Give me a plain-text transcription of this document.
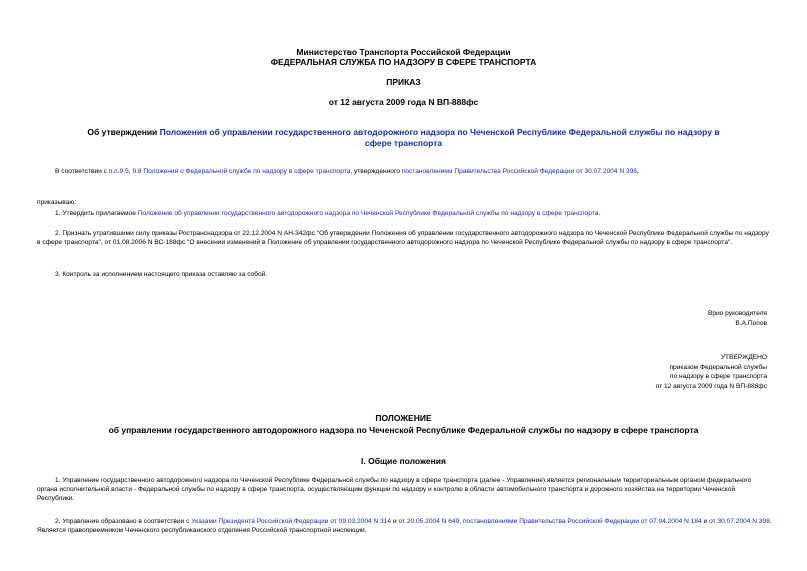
Министерство Транспорта Российской Федерации
ФЕДЕРАЛЬНАЯ СЛУЖБА ПО НАДЗОРУ В СФЕРЕ ТРАНСПОРТА
ПРИКАЗ
от 12 августа 2009 года N ВП-888фс
Об утверждении Положения об управлении государственного автодорожного надзора по Чеченской Республике Федеральной службы по надзору в сфере транспорта
В соответствии с п.п.9.5, 9.8 Положения о Федеральной службе по надзору в сфере транспорта, утвержденного постановлением Правительства Российской Федерации от 30.07.2004 N 398,
приказываю:
1. Утвердить прилагаемое Положение об управлении государственного автодорожного надзора по Чеченской Республике Федеральной службы по надзору в сфере транспорта.
2. Признать утратившими силу приказы Ространснадзора от 22.12.2004 N АН-342фс "Об утверждении Положения об управлении государственного автодорожного надзора по Чеченской Республике Федеральной службы по надзору в сфере транспорта", от 01.08.2006 N ВС-188фс "О внесении изменений в Положение об управлении государственного автодорожного надзора по Чеченской Республике Федеральной службы по надзору в сфере транспорта".
3. Контроль за исполнением настоящего приказа оставляю за собой.
Врио руководителя
В.А.Попов
УТВЕРЖДЕНО
приказом Федеральной службы
по надзору в сфере транспорта
от 12 августа 2009 года N ВП-888фс
ПОЛОЖЕНИЕ
об управлении государственного автодорожного надзора по Чеченской Республике Федеральной службы по надзору в сфере транспорта
I. Общие положения
1. Управление государственного автодорожного надзора по Чеченской Республике Федеральной службы по надзору в сфере транспорта (далее - Управление) является региональным территориальным органом федерального органа исполнительной власти - Федеральной службы по надзору в сфере транспорта, осуществляющим функции по надзору и контролю в области автомобильного транспорта и дорожного хозяйства на территории Чеченской Республики.
2. Управление образовано в соответствии с Указами Президента Российской Федерации от 09.03.2004 N 314 и от 20.05.2004 N 649, постановлениями Правительства Российской Федерации от 07.04.2004 N 184 и от 30.07.2004 N 398. Является правопреемником Чеченского республиканского отделения Российской транспортной инспекции.
